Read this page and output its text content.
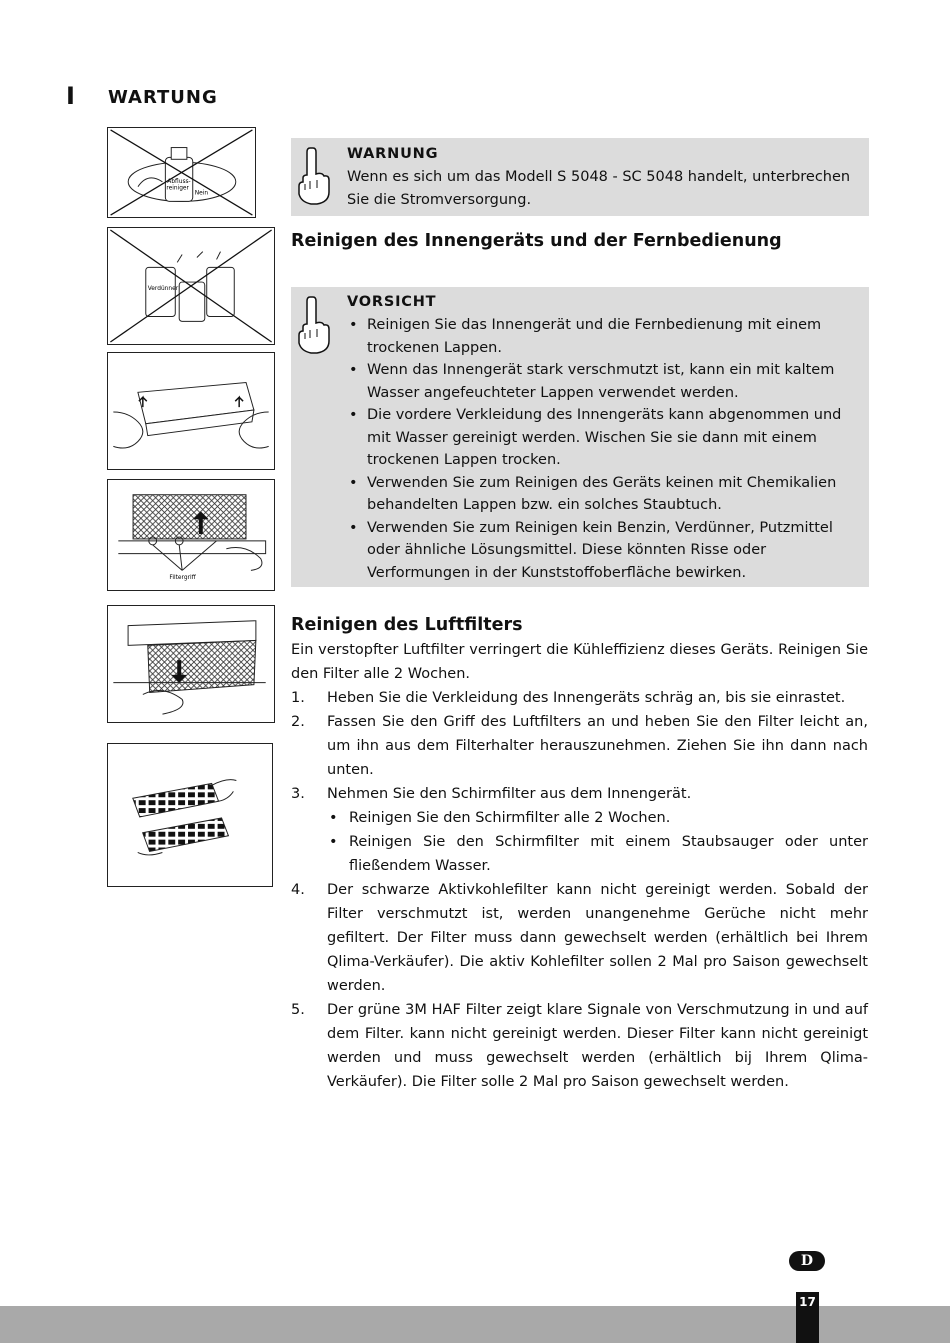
I WARTUNG
Abfluss-
reiniger
Nein
Verdünner
Filtergriff
WARNUNG
Wenn es sich um das Modell S 5048 - SC 5048 handelt, unterbrechen Sie die Stromversorgung.
Reinigen des Innengeräts und der Fernbedienung
VORSICHT
• Reinigen Sie das Innengerät und die Fernbedienung mit einem trockenen Lappen.
• Wenn das Innengerät stark verschmutzt ist, kann ein mit kaltem Wasser angefeuchteter Lappen verwendet werden.
• Die vordere Verkleidung des Innengeräts kann abgenommen und mit Wasser gereinigt werden. Wischen Sie sie dann mit einem trockenen Lappen trocken.
• Verwenden Sie zum Reinigen des Geräts keinen mit Chemikalien behandelten Lappen bzw. ein solches Staubtuch.
• Verwenden Sie zum Reinigen kein Benzin, Verdünner, Putzmittel oder ähnliche Lösungsmittel. Diese könnten Risse oder Verformungen in der Kunststoffoberfläche bewirken.
Reinigen des Luftfilters
Ein verstopfter Luftfilter verringert die Kühleffizienz dieses Geräts. Reinigen Sie den Filter alle 2 Wochen.
1. Heben Sie die Verkleidung des Innengeräts schräg an, bis sie einrastet.
2. Fassen Sie den Griff des Luftfilters an und heben Sie den Filter leicht an, um ihn aus dem Filterhalter herauszunehmen. Ziehen Sie ihn dann nach unten.
3. Nehmen Sie den Schirmfilter aus dem Innengerät.
• Reinigen Sie den Schirmfilter alle 2 Wochen.
• Reinigen Sie den Schirmfilter mit einem Staubsauger oder unter fließendem Wasser.
4. Der schwarze Aktivkohlefilter kann nicht gereinigt werden. Sobald der Filter verschmutzt ist, werden unangenehme Gerüche nicht mehr gefiltert. Der Filter muss dann gewechselt werden (erhältlich bei Ihrem Qlima-Verkäufer). Die aktiv Kohlefilter sollen 2 Mal pro Saison gewechselt werden.
5. Der grüne 3M HAF Filter zeigt klare Signale von Verschmutzung in und auf dem Filter. kann nicht gereinigt werden. Dieser Filter kann nicht gereinigt werden und muss gewechselt werden (erhältlich bij Ihrem Qlima-Verkäufer). Die Filter solle 2 Mal pro Saison gewechselt werden.
D
17
